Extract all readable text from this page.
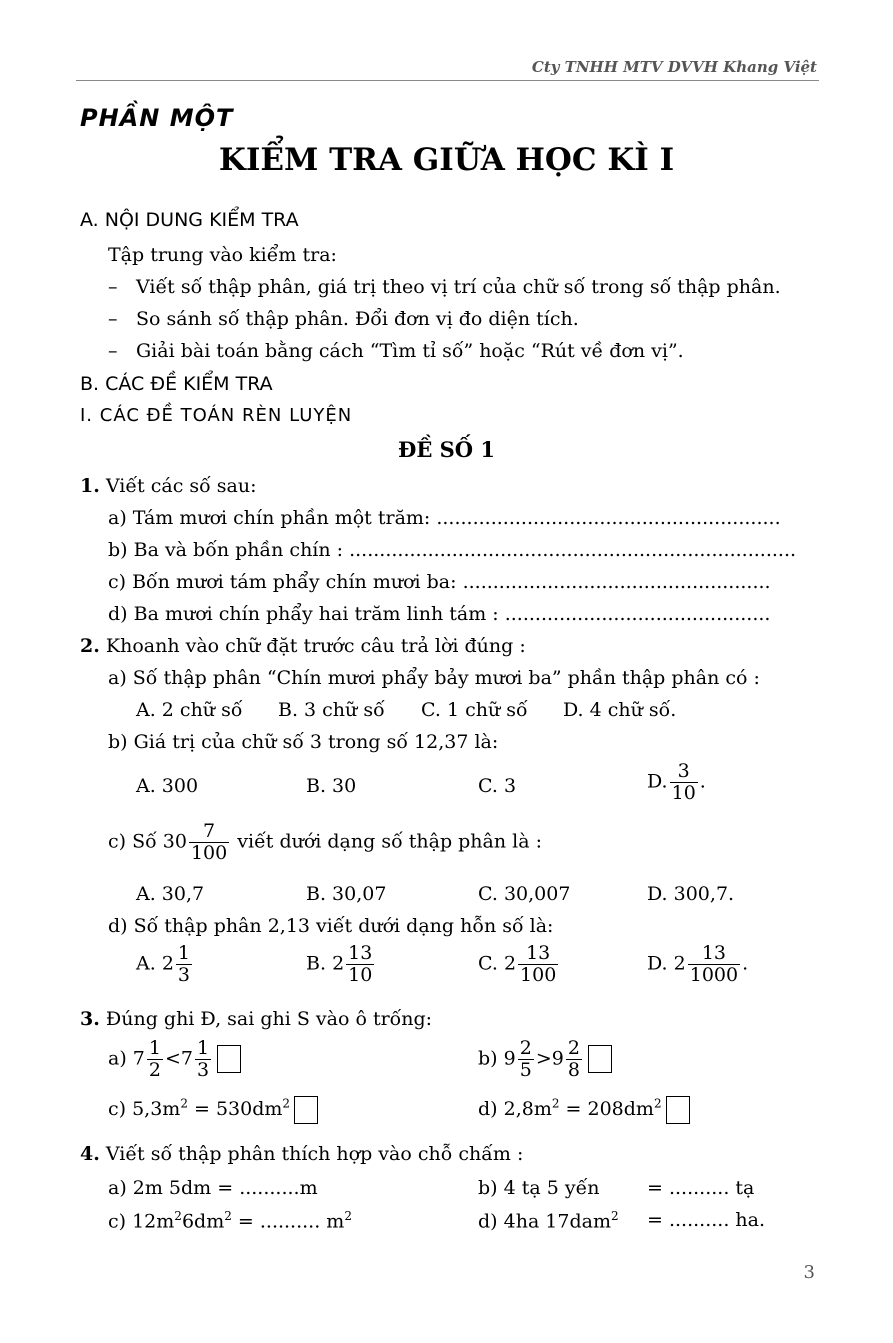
Cty TNHH MTV DVVH Khang Việt
PHẦN MỘT
KIỂM TRA GIỮA HỌC KÌ I
A. NỘI DUNG KIỂM TRA
Tập trung vào kiểm tra:
– Viết số thập phân, giá trị theo vị trí của chữ số trong số thập phân.
– So sánh số thập phân. Đổi đơn vị đo diện tích.
– Giải bài toán bằng cách “Tìm tỉ số” hoặc “Rút về đơn vị”.
B. CÁC ĐỀ KIỂM TRA
I. CÁC ĐỀ TOÁN RÈN LUYỆN
ĐỀ SỐ 1
1. Viết các số sau:
a) Tám mươi chín phần một trăm: .........................................................
b) Ba và bốn phần chín : ..........................................................................
c) Bốn mươi tám phẩy chín mươi ba: ...................................................
d) Ba mươi chín phẩy hai trăm linh tám : ............................................
2. Khoanh vào chữ đặt trước câu trả lời đúng :
a) Số thập phân “Chín mươi phẩy bảy mươi ba” phần thập phân có :
A. 2 chữ số B. 3 chữ số C. 1 chữ số D. 4 chữ số.
b) Giá trị của chữ số 3 trong số 12,37 là:
A. 300	B. 30	C. 3	D. $\frac{3}{10}$ .
c) Số $30 \frac{7}{100}$ viết dưới dạng số thập phân là :
A. 30,7	B. 30,07	C. 30,007	D. 300,7.
d) Số thập phân 2,13 viết dưới dạng hỗn số là:
A. $2 \frac{1}{3}$	B. $2 \frac{13}{10}$	C. $2 \frac{13}{100}$	D. $2 \frac{13}{1000}$ .
3. Đúng ghi Đ, sai ghi S vào ô trống:
a) $7 \frac{1}{2} <7 \frac{1}{3}$	b) $9 \frac{2}{5} >9 \frac{2}{8}$
c) $5,3m^2 = 530dm^2$	d) $2,8m^2 = 208dm^2$
4. Viết số thập phân thích hợp vào chỗ chấm :
a) 2m 5dm = ..........m	b) 4 tạ 5 yến = .......... tạ
c) $12m^26dm^2$ = .......... $m^2$	d) 4ha 17dam$^2$ = .......... ha.
3
